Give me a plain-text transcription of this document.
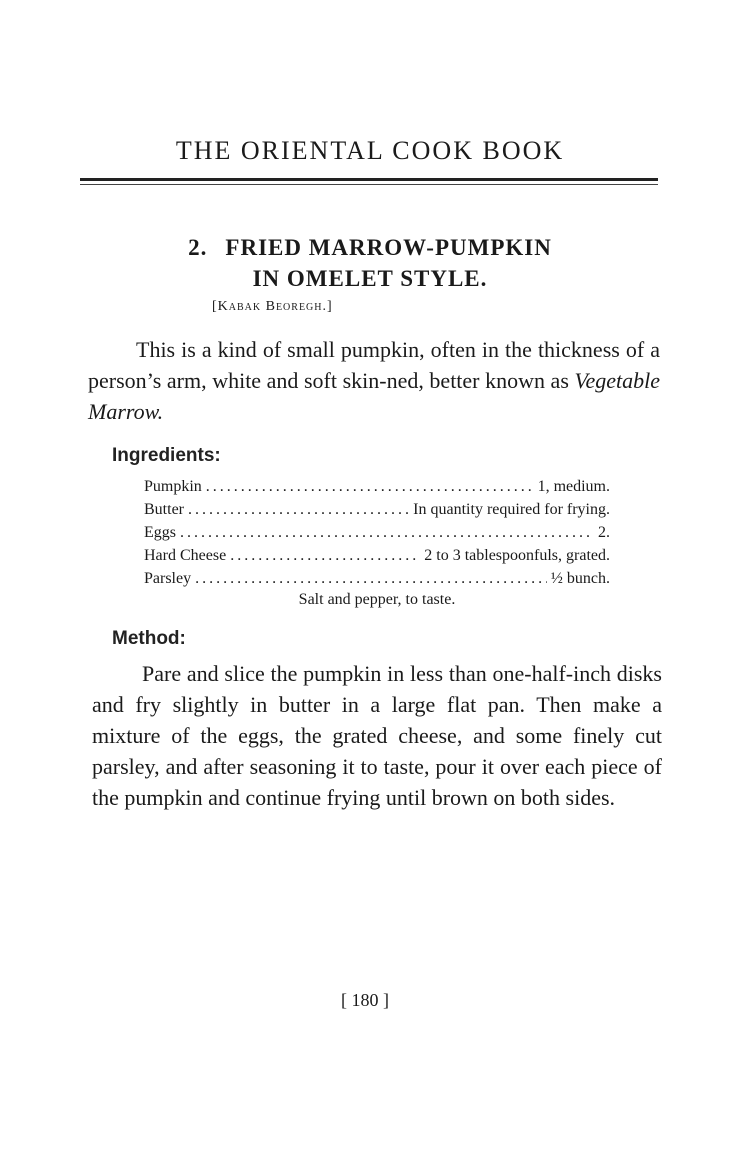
THE ORIENTAL COOK BOOK
2. FRIED MARROW-PUMPKIN
IN OMELET STYLE.
[Kabak Beoregh.]

This is a kind of small pumpkin, often in the thickness of a person’s arm, white and soft skin-ned, better known as Vegetable Marrow.

Ingredients:
Pumpkin .....	1, medium.
Butter .....	In quantity required for frying.
Eggs .....	2.
Hard Cheese .....	2 to 3 tablespoonfuls, grated.
Parsley .....	½ bunch.
Salt and pepper, to taste.
Method:

Pare and slice the pumpkin in less than one-half-inch disks and fry slightly in butter in a large flat pan. Then make a mixture of the eggs, the grated cheese, and some finely cut parsley, and after seasoning it to taste, pour it over each piece of the pumpkin and continue frying until brown on both sides.

[ 180 ]
